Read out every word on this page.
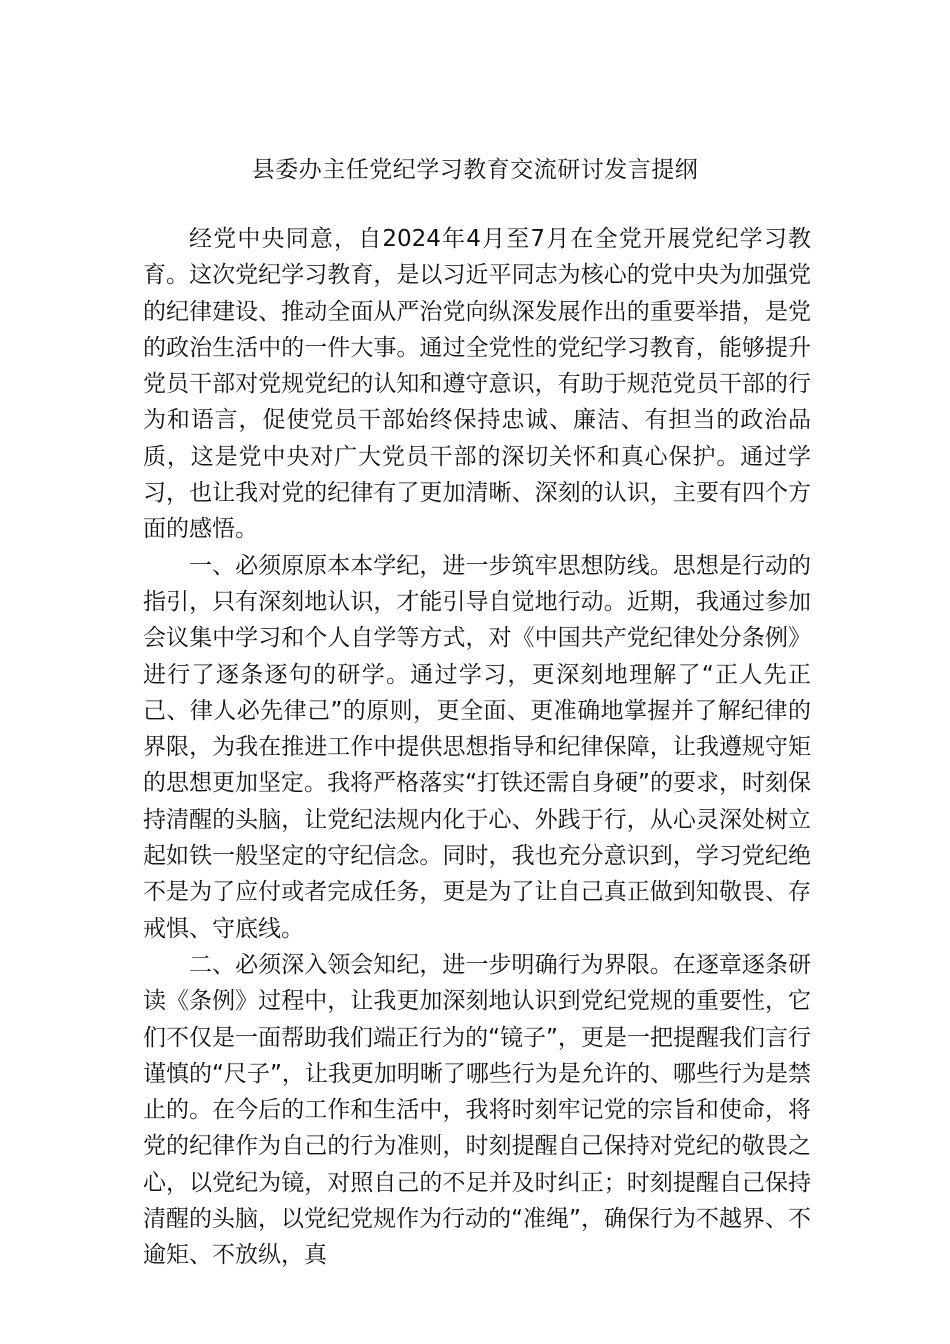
县委办主任党纪学习教育交流研讨发言提纲

经党中央同意，自2024年4月至7月在全党开展党纪学习教育。这次党纪学习教育，是以习近平同志为核心的党中央为加强党的纪律建设、推动全面从严治党向纵深发展作出的重要举措，是党的政治生活中的一件大事。通过全党性的党纪学习教育，能够提升党员干部对党规党纪的认知和遵守意识，有助于规范党员干部的行为和语言，促使党员干部始终保持忠诚、廉洁、有担当的政治品质，这是党中央对广大党员干部的深切关怀和真心保护。通过学习，也让我对党的纪律有了更加清晰、深刻的认识，主要有四个方面的感悟。

一、必须原原本本学纪，进一步筑牢思想防线。思想是行动的指引，只有深刻地认识，才能引导自觉地行动。近期，我通过参加会议集中学习和个人自学等方式，对《中国共产党纪律处分条例》进行了逐条逐句的研学。通过学习，更深刻地理解了“正人先正己、律人必先律己”的原则，更全面、更准确地掌握并了解纪律的界限，为我在推进工作中提供思想指导和纪律保障，让我遵规守矩的思想更加坚定。我将严格落实“打铁还需自身硬”的要求，时刻保持清醒的头脑，让党纪法规内化于心、外践于行，从心灵深处树立起如铁一般坚定的守纪信念。同时，我也充分意识到，学习党纪绝不是为了应付或者完成任务，更是为了让自己真正做到知敬畏、存戒惧、守底线。

二、必须深入领会知纪，进一步明确行为界限。在逐章逐条研读《条例》过程中，让我更加深刻地认识到党纪党规的重要性，它们不仅是一面帮助我们端正行为的“镜子”，更是一把提醒我们言行谨慎的“尺子”，让我更加明晰了哪些行为是允许的、哪些行为是禁止的。在今后的工作和生活中，我将时刻牢记党的宗旨和使命，将党的纪律作为自己的行为准则，时刻提醒自己保持对党纪的敬畏之心，以党纪为镜，对照自己的不足并及时纠正；时刻提醒自己保持清醒的头脑，以党纪党规作为行动的“准绳”，确保行为不越界、不逾矩、不放纵，真
